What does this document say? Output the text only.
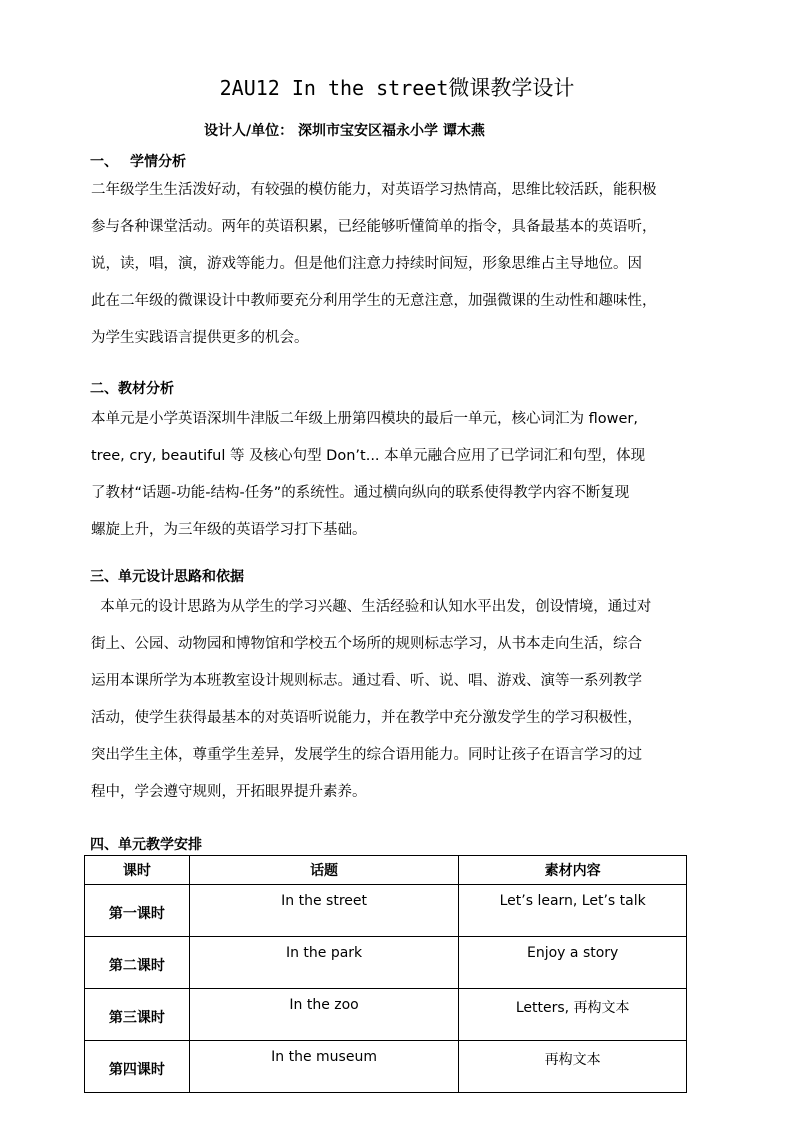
2AU12 In the street微课教学设计
设计人/单位： 深圳市宝安区福永小学 谭木燕
一、 学情分析
二年级学生生活泼好动，有较强的模仿能力，对英语学习热情高，思维比较活跃，能积极
参与各种课堂活动。两年的英语积累，已经能够听懂简单的指令，具备最基本的英语听，
说，读，唱，演，游戏等能力。但是他们注意力持续时间短，形象思维占主导地位。因
此在二年级的微课设计中教师要充分利用学生的无意注意，加强微课的生动性和趣味性，
为学生实践语言提供更多的机会。
二、教材分析
本单元是小学英语深圳牛津版二年级上册第四模块的最后一单元，核心词汇为 flower,
tree, cry, beautiful 等 及核心句型 Don’t... 本单元融合应用了已学词汇和句型，体现
了教材“话题-功能-结构-任务”的系统性。通过横向纵向的联系使得教学内容不断复现
螺旋上升，为三年级的英语学习打下基础。
三、单元设计思路和依据
本单元的设计思路为从学生的学习兴趣、生活经验和认知水平出发，创设情境，通过对
街上、公园、动物园和博物馆和学校五个场所的规则标志学习，从书本走向生活，综合
运用本课所学为本班教室设计规则标志。通过看、听、说、唱、游戏、演等一系列教学
活动，使学生获得最基本的对英语听说能力，并在教学中充分激发学生的学习积极性，
突出学生主体，尊重学生差异，发展学生的综合语用能力。同时让孩子在语言学习的过
程中，学会遵守规则，开拓眼界提升素养。
四、单元教学安排
课时	话题	素材内容
第一课时	In the street	Let’s learn, Let’s talk
第二课时	In the park	Enjoy a story
第三课时	In the zoo	Letters, 再构文本
第四课时	In the museum	再构文本
